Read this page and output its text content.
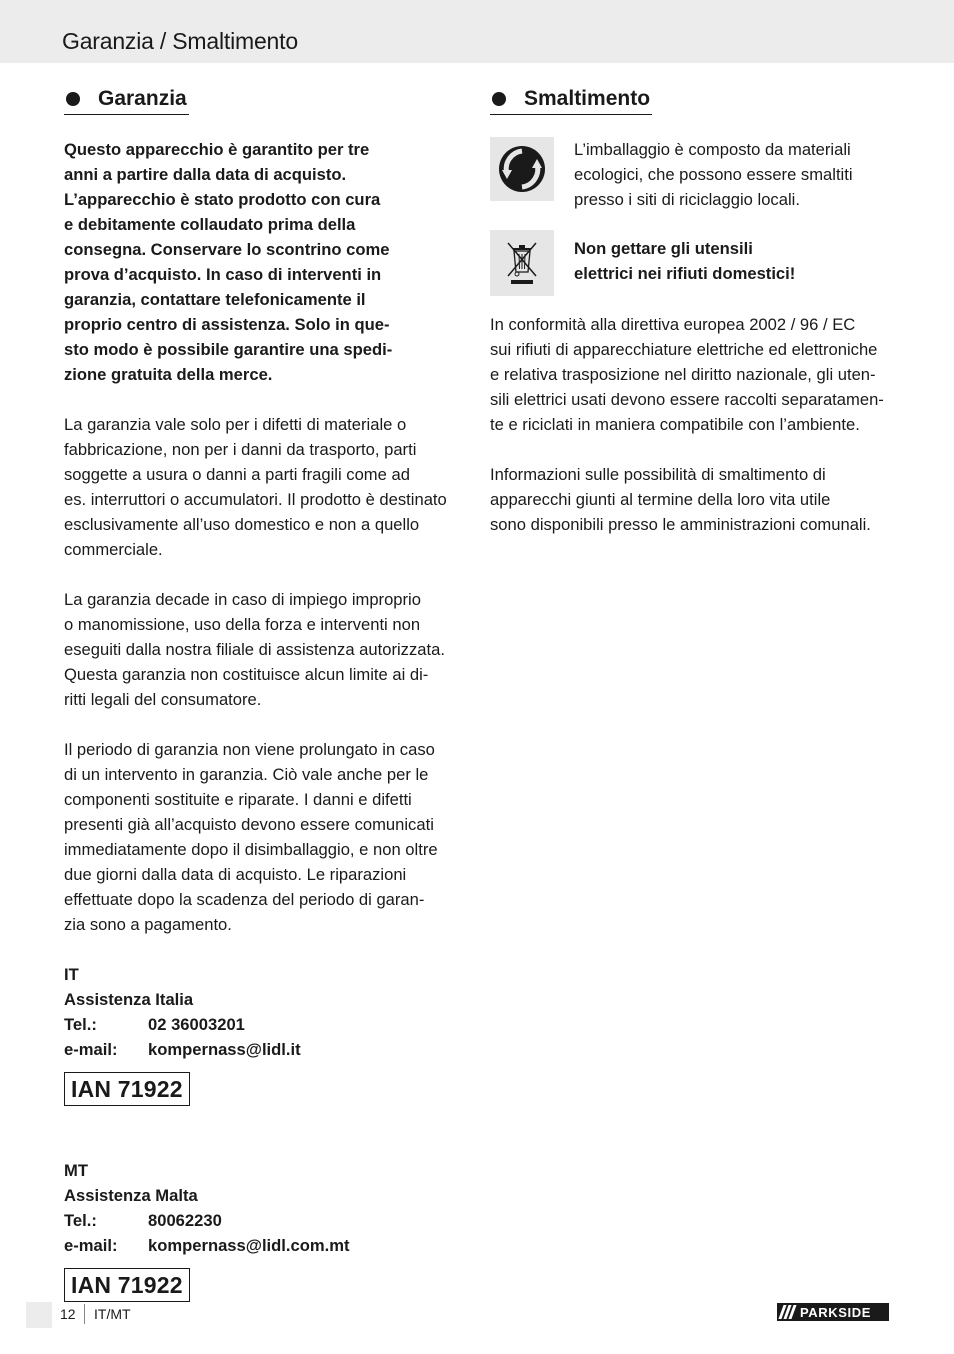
Garanzia / Smaltimento
Garanzia

Questo apparecchio è garantito per tre

anni a partire dalla data di acquisto.

L’apparecchio è stato prodotto con cura

e debitamente collaudato prima della

consegna. Conservare lo scontrino come

prova d’acquisto. In caso di interventi in

garanzia, contattare telefonicamente il

proprio centro di assistenza. Solo in que-

sto modo è possibile garantire una spedi-

zione gratuita della merce.

La garanzia vale solo per i difetti di materiale o

fabbricazione, non per i danni da trasporto, parti

soggette a usura o danni a parti fragili come ad

es. interruttori o accumulatori. Il prodotto è destinato

esclusivamente all’uso domestico e non a quello

commerciale.

La garanzia decade in caso di impiego improprio

o manomissione, uso della forza e interventi non

eseguiti dalla nostra filiale di assistenza autorizzata.

Questa garanzia non costituisce alcun limite ai di-

ritti legali del consumatore.

Il periodo di garanzia non viene prolungato in caso

di un intervento in garanzia. Ciò vale anche per le

componenti sostituite e riparate. I danni e difetti

presenti già all’acquisto devono essere comunicati

immediatamente dopo il disimballaggio, e non oltre

due giorni dalla data di acquisto. Le riparazioni

effettuate dopo la scadenza del periodo di garan-

zia sono a pagamento.

IT
Assistenza Italia
Tel.:	02 36003201
e-mail:	kompernass@lidl.it
IAN 71922
MT
Assistenza Malta
Tel.:	80062230
e-mail:	kompernass@lidl.com.mt
IAN 71922
Smaltimento

L’imballaggio è composto da materiali

ecologici, che possono essere smaltiti

presso i siti di riciclaggio locali.

Non gettare gli utensili

elettrici nei rifiuti domestici!

In conformità alla direttiva europea 2002 / 96 / EC

sui rifiuti di apparecchiature elettriche ed elettroniche

e relativa trasposizione nel diritto nazionale, gli uten-

sili elettrici usati devono essere raccolti separatamen-

te e riciclati in maniera compatibile con l’ambiente.

Informazioni sulle possibilità di smaltimento di

apparecchi giunti al termine della loro vita utile

sono disponibili presso le amministrazioni comunali.

12 IT/MT	PARKSIDE
